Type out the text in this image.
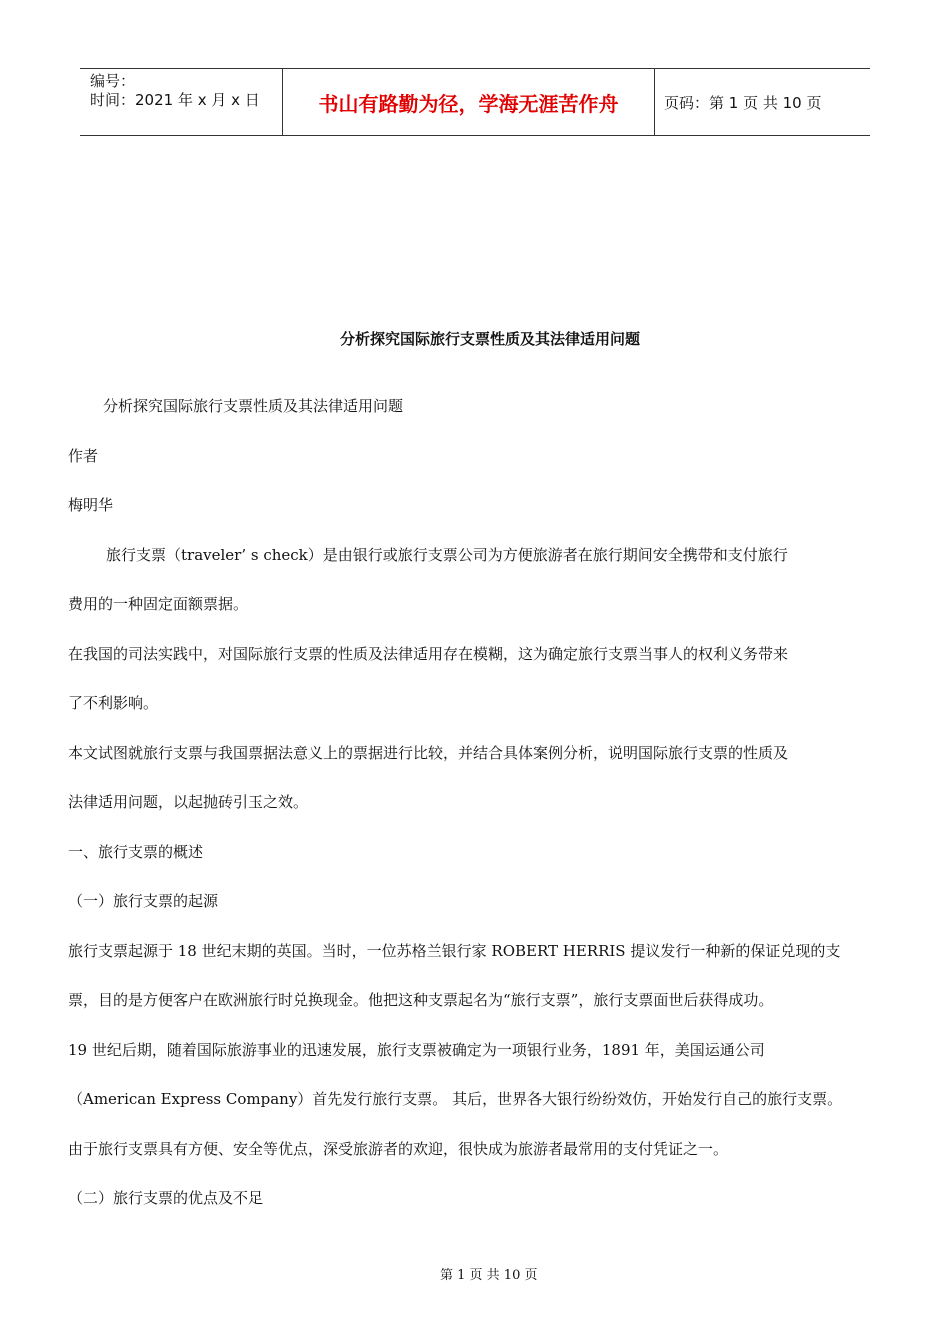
编号：
时间：2021 年 x 月 x 日	书山有路勤为径，学海无涯苦作舟	页码：第 1 页 共 10 页
分析探究国际旅行支票性质及其法律适用问题

分析探究国际旅行支票性质及其法律适用问题

作者

梅明华

旅行支票（traveler’ s check）是由银行或旅行支票公司为方便旅游者在旅行期间安全携带和支付旅行

费用的一种固定面额票据。

在我国的司法实践中，对国际旅行支票的性质及法律适用存在模糊，这为确定旅行支票当事人的权利义务带来

了不利影响。

本文试图就旅行支票与我国票据法意义上的票据进行比较，并结合具体案例分析，说明国际旅行支票的性质及

法律适用问题，以起抛砖引玉之效。

一、旅行支票的概述

（一）旅行支票的起源

旅行支票起源于 18 世纪末期的英国。当时，一位苏格兰银行家 ROBERT HERRIS 提议发行一种新的保证兑现的支

票，目的是方便客户在欧洲旅行时兑换现金。他把这种支票起名为“旅行支票”，旅行支票面世后获得成功。

19 世纪后期，随着国际旅游事业的迅速发展，旅行支票被确定为一项银行业务，1891 年，美国运通公司

（American Express Company）首先发行旅行支票。 其后，世界各大银行纷纷效仿，开始发行自己的旅行支票。

由于旅行支票具有方便、安全等优点，深受旅游者的欢迎，很快成为旅游者最常用的支付凭证之一。

（二）旅行支票的优点及不足

第 1 页 共 10 页
